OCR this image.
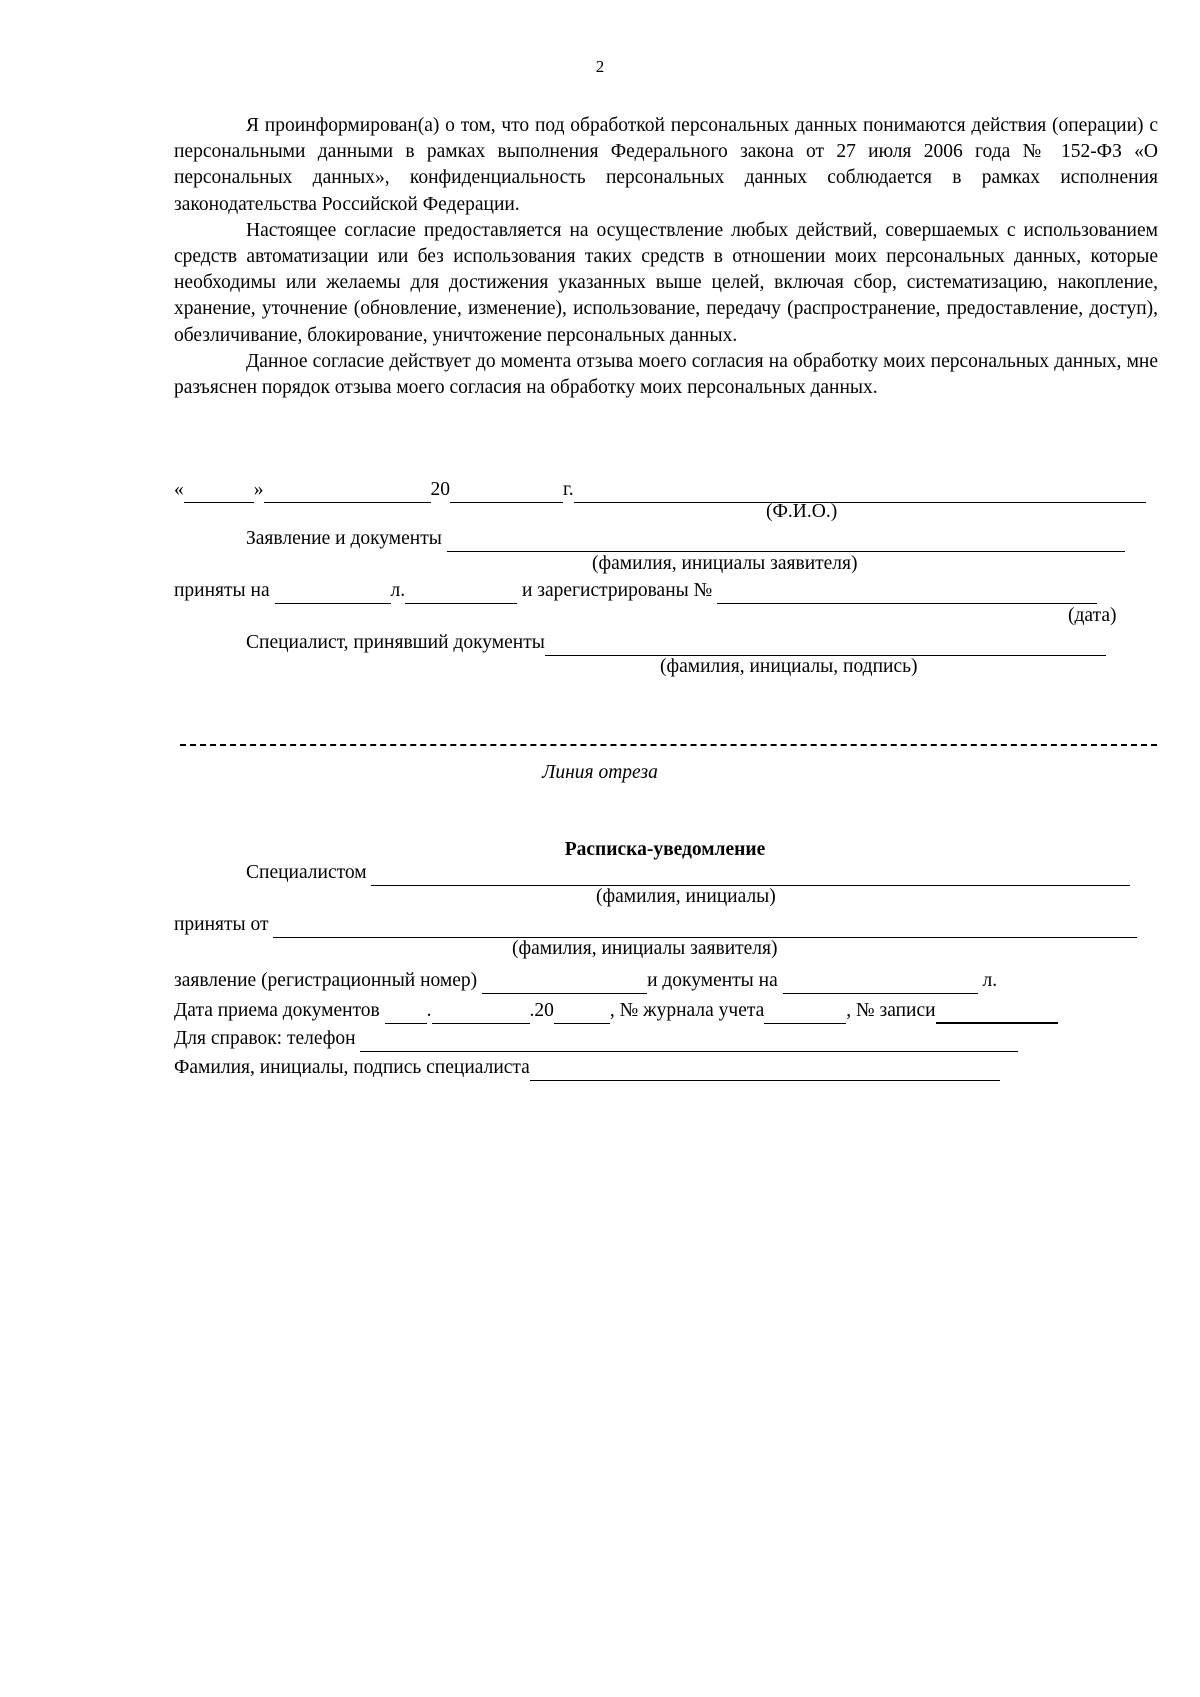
2

Я проинформирован(а) о том, что под обработкой персональных данных понимаются действия (операции) с персональными данными в рамках выполнения Федерального закона от 27 июля 2006 года № 152-ФЗ «О персональных данных», конфиденциальность персональных данных соблюдается в рамках исполнения законодательства Российской Федерации.

Настоящее согласие предоставляется на осуществление любых действий, совершаемых с использованием средств автоматизации или без использования таких средств в отношении моих персональных данных, которые необходимы или желаемы для достижения указанных выше целей, включая сбор, систематизацию, накопление, хранение, уточнение (обновление, изменение), использование, передачу (распространение, предоставление, доступ), обезличивание, блокирование, уничтожение персональных данных.

Данное согласие действует до момента отзыва моего согласия на обработку моих персональных данных, мне разъяснен порядок отзыва моего согласия на обработку моих персональных данных.

«	»	20	г.
(Ф.И.О.)
Заявление и документы
(фамилия, инициалы заявителя)
приняты на	л.	и зарегистрированы №
(дата)
Специалист, принявший документы
(фамилия, инициалы, подпись)
Линия отреза
Расписка-уведомление
Специалистом
(фамилия, инициалы)
приняты от
(фамилия, инициалы заявителя)
заявление (регистрационный номер)	и документы на	л.
Дата приема документов .	.20	, № журнала учета	, № записи
Для справок: телефон
Фамилия, инициалы, подпись специалиста
